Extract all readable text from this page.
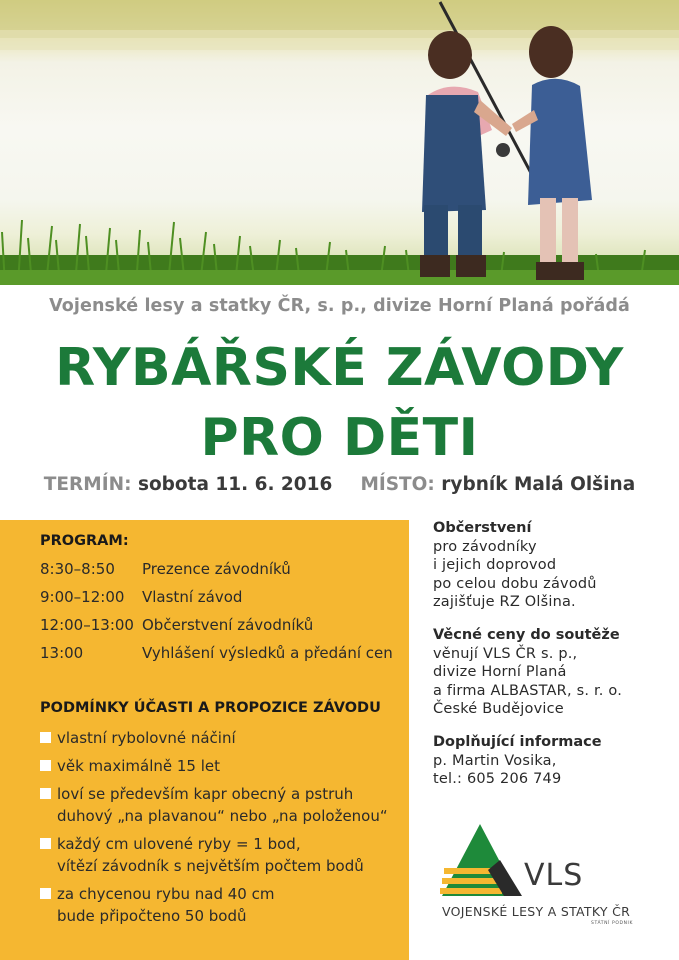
Vojenské lesy a statky ČR, s. p., divize Horní Planá pořádá
RYBÁŘSKÉ ZÁVODY
PRO DĚTI
TERMÍN: sobota 11. 6. 2016 MÍSTO: rybník Malá Olšina
PROGRAM:
8:30–8:50 Prezence závodníků
9:00–12:00 Vlastní závod
12:00–13:00 Občerstvení závodníků
13:00	Vyhlášení výsledků a předání cen
PODMÍNKY ÚČASTI A PROPOZICE ZÁVODU
vlastní rybolovné náčiní
věk maximálně 15 let
loví se především kapr obecný a pstruh
duhový „na plavanou“ nebo „na položenou“
každý cm ulovené ryby = 1 bod,
vítězí závodník s největším počtem bodů
za chycenou rybu nad 40 cm
bude připočteno 50 bodů
Občerstvení
pro závodníky
i jejich doprovod
po celou dobu závodů
zajišťuje RZ Olšina.
Věcné ceny do soutěže
věnují VLS ČR s. p.,
divize Horní Planá
a firma ALBASTAR, s. r. o.
České Budějovice
Doplňující informace
p. Martin Vosika,
tel.: 605 206 749
VLS
VOJENSKÉ LESY A STATKY ČR
STÁTNÍ PODNIK
